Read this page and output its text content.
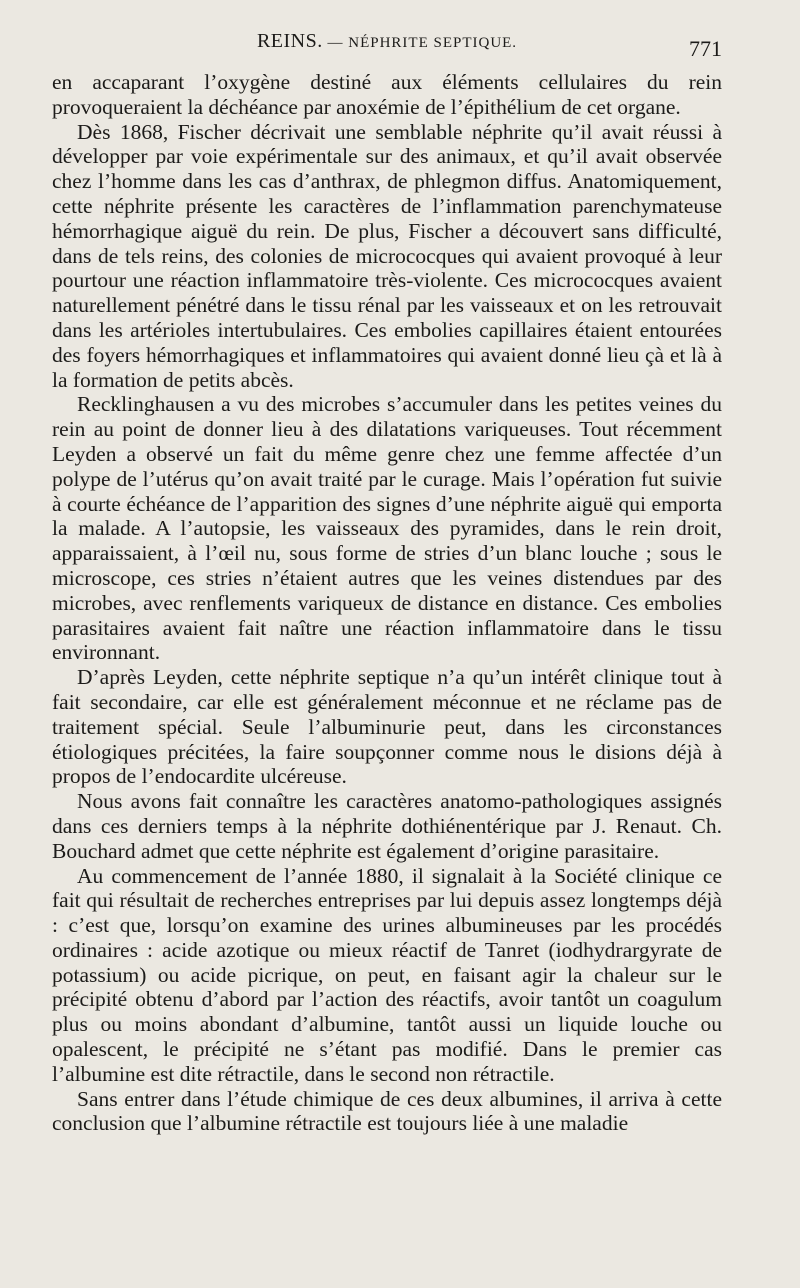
REINS. — NÉPHRITE SEPTIQUE.	771

en accaparant l’oxygène destiné aux éléments cellulaires du rein provoqueraient la déchéance par anoxémie de l’épithélium de cet organe.

Dès 1868, Fischer décrivait une semblable néphrite qu’il avait réussi à développer par voie expérimentale sur des animaux, et qu’il avait observée chez l’homme dans les cas d’anthrax, de phlegmon diffus. Anatomiquement, cette néphrite présente les caractères de l’inflammation parenchymateuse hémorrhagique aiguë du rein. De plus, Fischer a découvert sans difficulté, dans de tels reins, des colonies de micrococques qui avaient provoqué à leur pourtour une réaction inflammatoire très-violente. Ces micrococques avaient naturellement pénétré dans le tissu rénal par les vaisseaux et on les retrouvait dans les artérioles intertubulaires. Ces embolies capillaires étaient entourées des foyers hémorrhagiques et inflammatoires qui avaient donné lieu çà et là à la formation de petits abcès.

Recklinghausen a vu des microbes s’accumuler dans les petites veines du rein au point de donner lieu à des dilatations variqueuses. Tout récemment Leyden a observé un fait du même genre chez une femme affectée d’un polype de l’utérus qu’on avait traité par le curage. Mais l’opération fut suivie à courte échéance de l’apparition des signes d’une néphrite aiguë qui emporta la malade. A l’autopsie, les vaisseaux des pyramides, dans le rein droit, apparaissaient, à l’œil nu, sous forme de stries d’un blanc louche ; sous le microscope, ces stries n’étaient autres que les veines distendues par des microbes, avec renflements variqueux de distance en distance. Ces embolies parasitaires avaient fait naître une réaction inflammatoire dans le tissu environnant.

D’après Leyden, cette néphrite septique n’a qu’un intérêt clinique tout à fait secondaire, car elle est généralement méconnue et ne réclame pas de traitement spécial. Seule l’albuminurie peut, dans les circonstances étiologiques précitées, la faire soupçonner comme nous le disions déjà à propos de l’endocardite ulcéreuse.

Nous avons fait connaître les caractères anatomo-pathologiques assignés dans ces derniers temps à la néphrite dothiénentérique par J. Renaut. Ch. Bouchard admet que cette néphrite est également d’origine parasitaire.

Au commencement de l’année 1880, il signalait à la Société clinique ce fait qui résultait de recherches entreprises par lui depuis assez longtemps déjà : c’est que, lorsqu’on examine des urines albumineuses par les procédés ordinaires : acide azotique ou mieux réactif de Tanret (iodhydrargyrate de potassium) ou acide picrique, on peut, en faisant agir la chaleur sur le précipité obtenu d’abord par l’action des réactifs, avoir tantôt un coagulum plus ou moins abondant d’albumine, tantôt aussi un liquide louche ou opalescent, le précipité ne s’étant pas modifié. Dans le premier cas l’albumine est dite rétractile, dans le second non rétractile.

Sans entrer dans l’étude chimique de ces deux albumines, il arriva à cette conclusion que l’albumine rétractile est toujours liée à une maladie
